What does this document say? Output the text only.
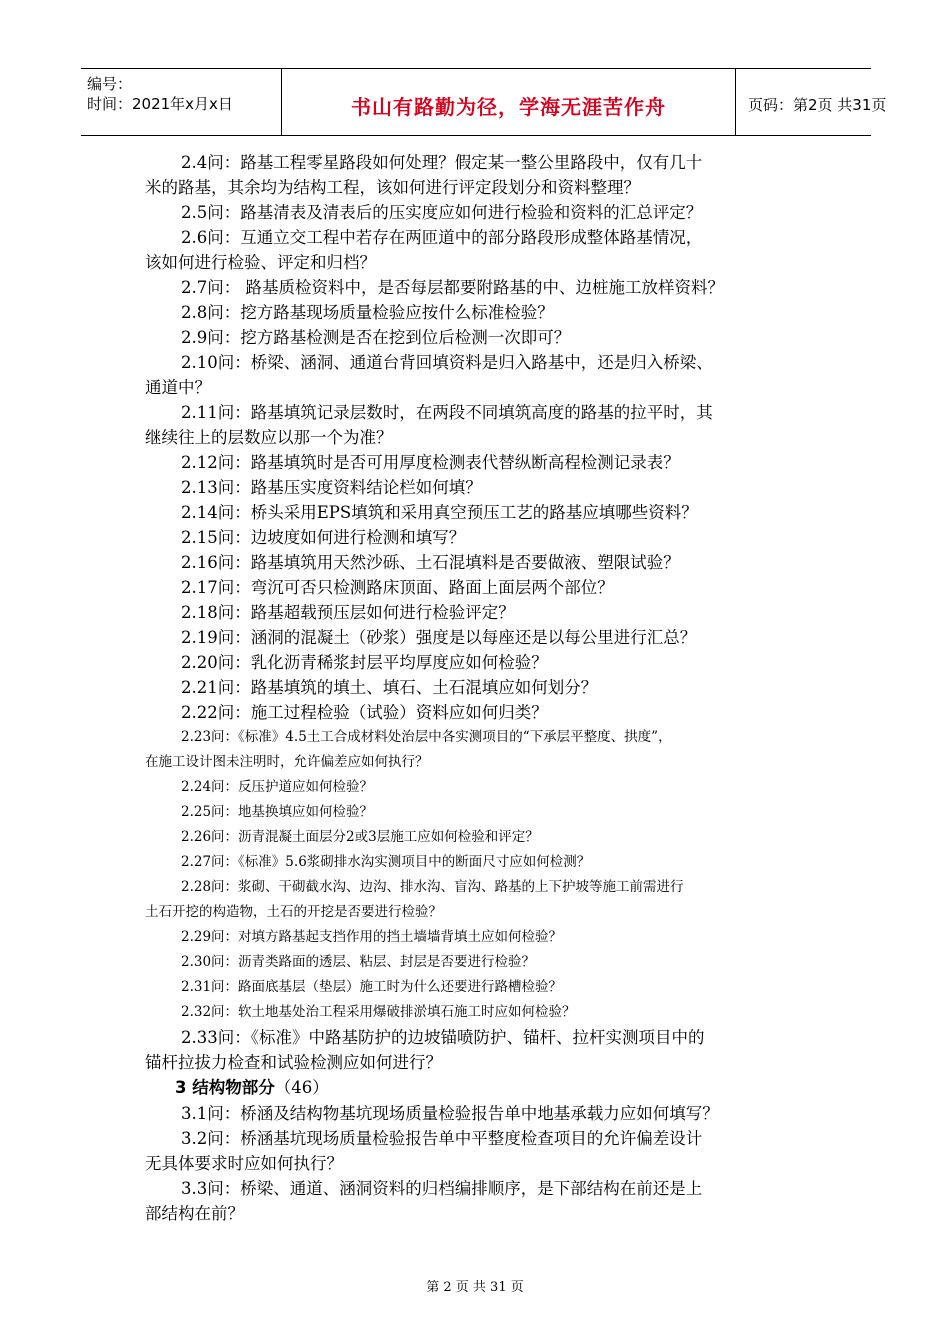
编号：
时间：2021年x月x日	书山有路勤为径，学海无涯苦作舟	页码：第2页 共31页
2.4问：路基工程零星路段如何处理？假定某一整公里路段中，仅有几十
米的路基，其余均为结构工程，该如何进行评定段划分和资料整理？
2.5问：路基清表及清表后的压实度应如何进行检验和资料的汇总评定？
2.6问：互通立交工程中若存在两匝道中的部分路段形成整体路基情况，
该如何进行检验、评定和归档？
2.7问： 路基质检资料中，是否每层都要附路基的中、边桩施工放样资料？
2.8问：挖方路基现场质量检验应按什么标准检验？
2.9问：挖方路基检测是否在挖到位后检测一次即可？
2.10问：桥梁、涵洞、通道台背回填资料是归入路基中，还是归入桥梁、
通道中？
2.11问：路基填筑记录层数时，在两段不同填筑高度的路基的拉平时，其
继续往上的层数应以那一个为准？
2.12问：路基填筑时是否可用厚度检测表代替纵断高程检测记录表？
2.13问：路基压实度资料结论栏如何填？
2.14问：桥头采用EPS填筑和采用真空预压工艺的路基应填哪些资料？
2.15问：边坡度如何进行检测和填写？
2.16问：路基填筑用天然沙砾、土石混填料是否要做液、塑限试验？
2.17问：弯沉可否只检测路床顶面、路面上面层两个部位？
2.18问：路基超载预压层如何进行检验评定？
2.19问：涵洞的混凝土（砂浆）强度是以每座还是以每公里进行汇总？
2.20问：乳化沥青稀浆封层平均厚度应如何检验？
2.21问：路基填筑的填土、填石、土石混填应如何划分？
2.22问：施工过程检验（试验）资料应如何归类？
2.23问：《标准》4.5土工合成材料处治层中各实测项目的“下承层平整度、拱度”，
在施工设计图未注明时，允许偏差应如何执行？
2.24问：反压护道应如何检验？
2.25问：地基换填应如何检验？
2.26问：沥青混凝土面层分2或3层施工应如何检验和评定？
2.27问：《标准》5.6浆砌排水沟实测项目中的断面尺寸应如何检测？
2.28问：浆砌、干砌截水沟、边沟、排水沟、盲沟、路基的上下护坡等施工前需进行
土石开挖的构造物，土石的开挖是否要进行检验？
2.29问：对填方路基起支挡作用的挡土墙墙背填土应如何检验？
2.30问：沥青类路面的透层、粘层、封层是否要进行检验？
2.31问：路面底基层（垫层）施工时为什么还要进行路槽检验？
2.32问：软土地基处治工程采用爆破排淤填石施工时应如何检验？
2.33问：《标准》中路基防护的边坡锚喷防护、锚杆、拉杆实测项目中的
锚杆拉拔力检查和试验检测应如何进行？
3 结构物部分（46）
3.1问：桥涵及结构物基坑现场质量检验报告单中地基承载力应如何填写？
3.2问：桥涵基坑现场质量检验报告单中平整度检查项目的允许偏差设计
无具体要求时应如何执行？
3.3问：桥梁、通道、涵洞资料的归档编排顺序，是下部结构在前还是上
部结构在前？
第 2 页 共 31 页
